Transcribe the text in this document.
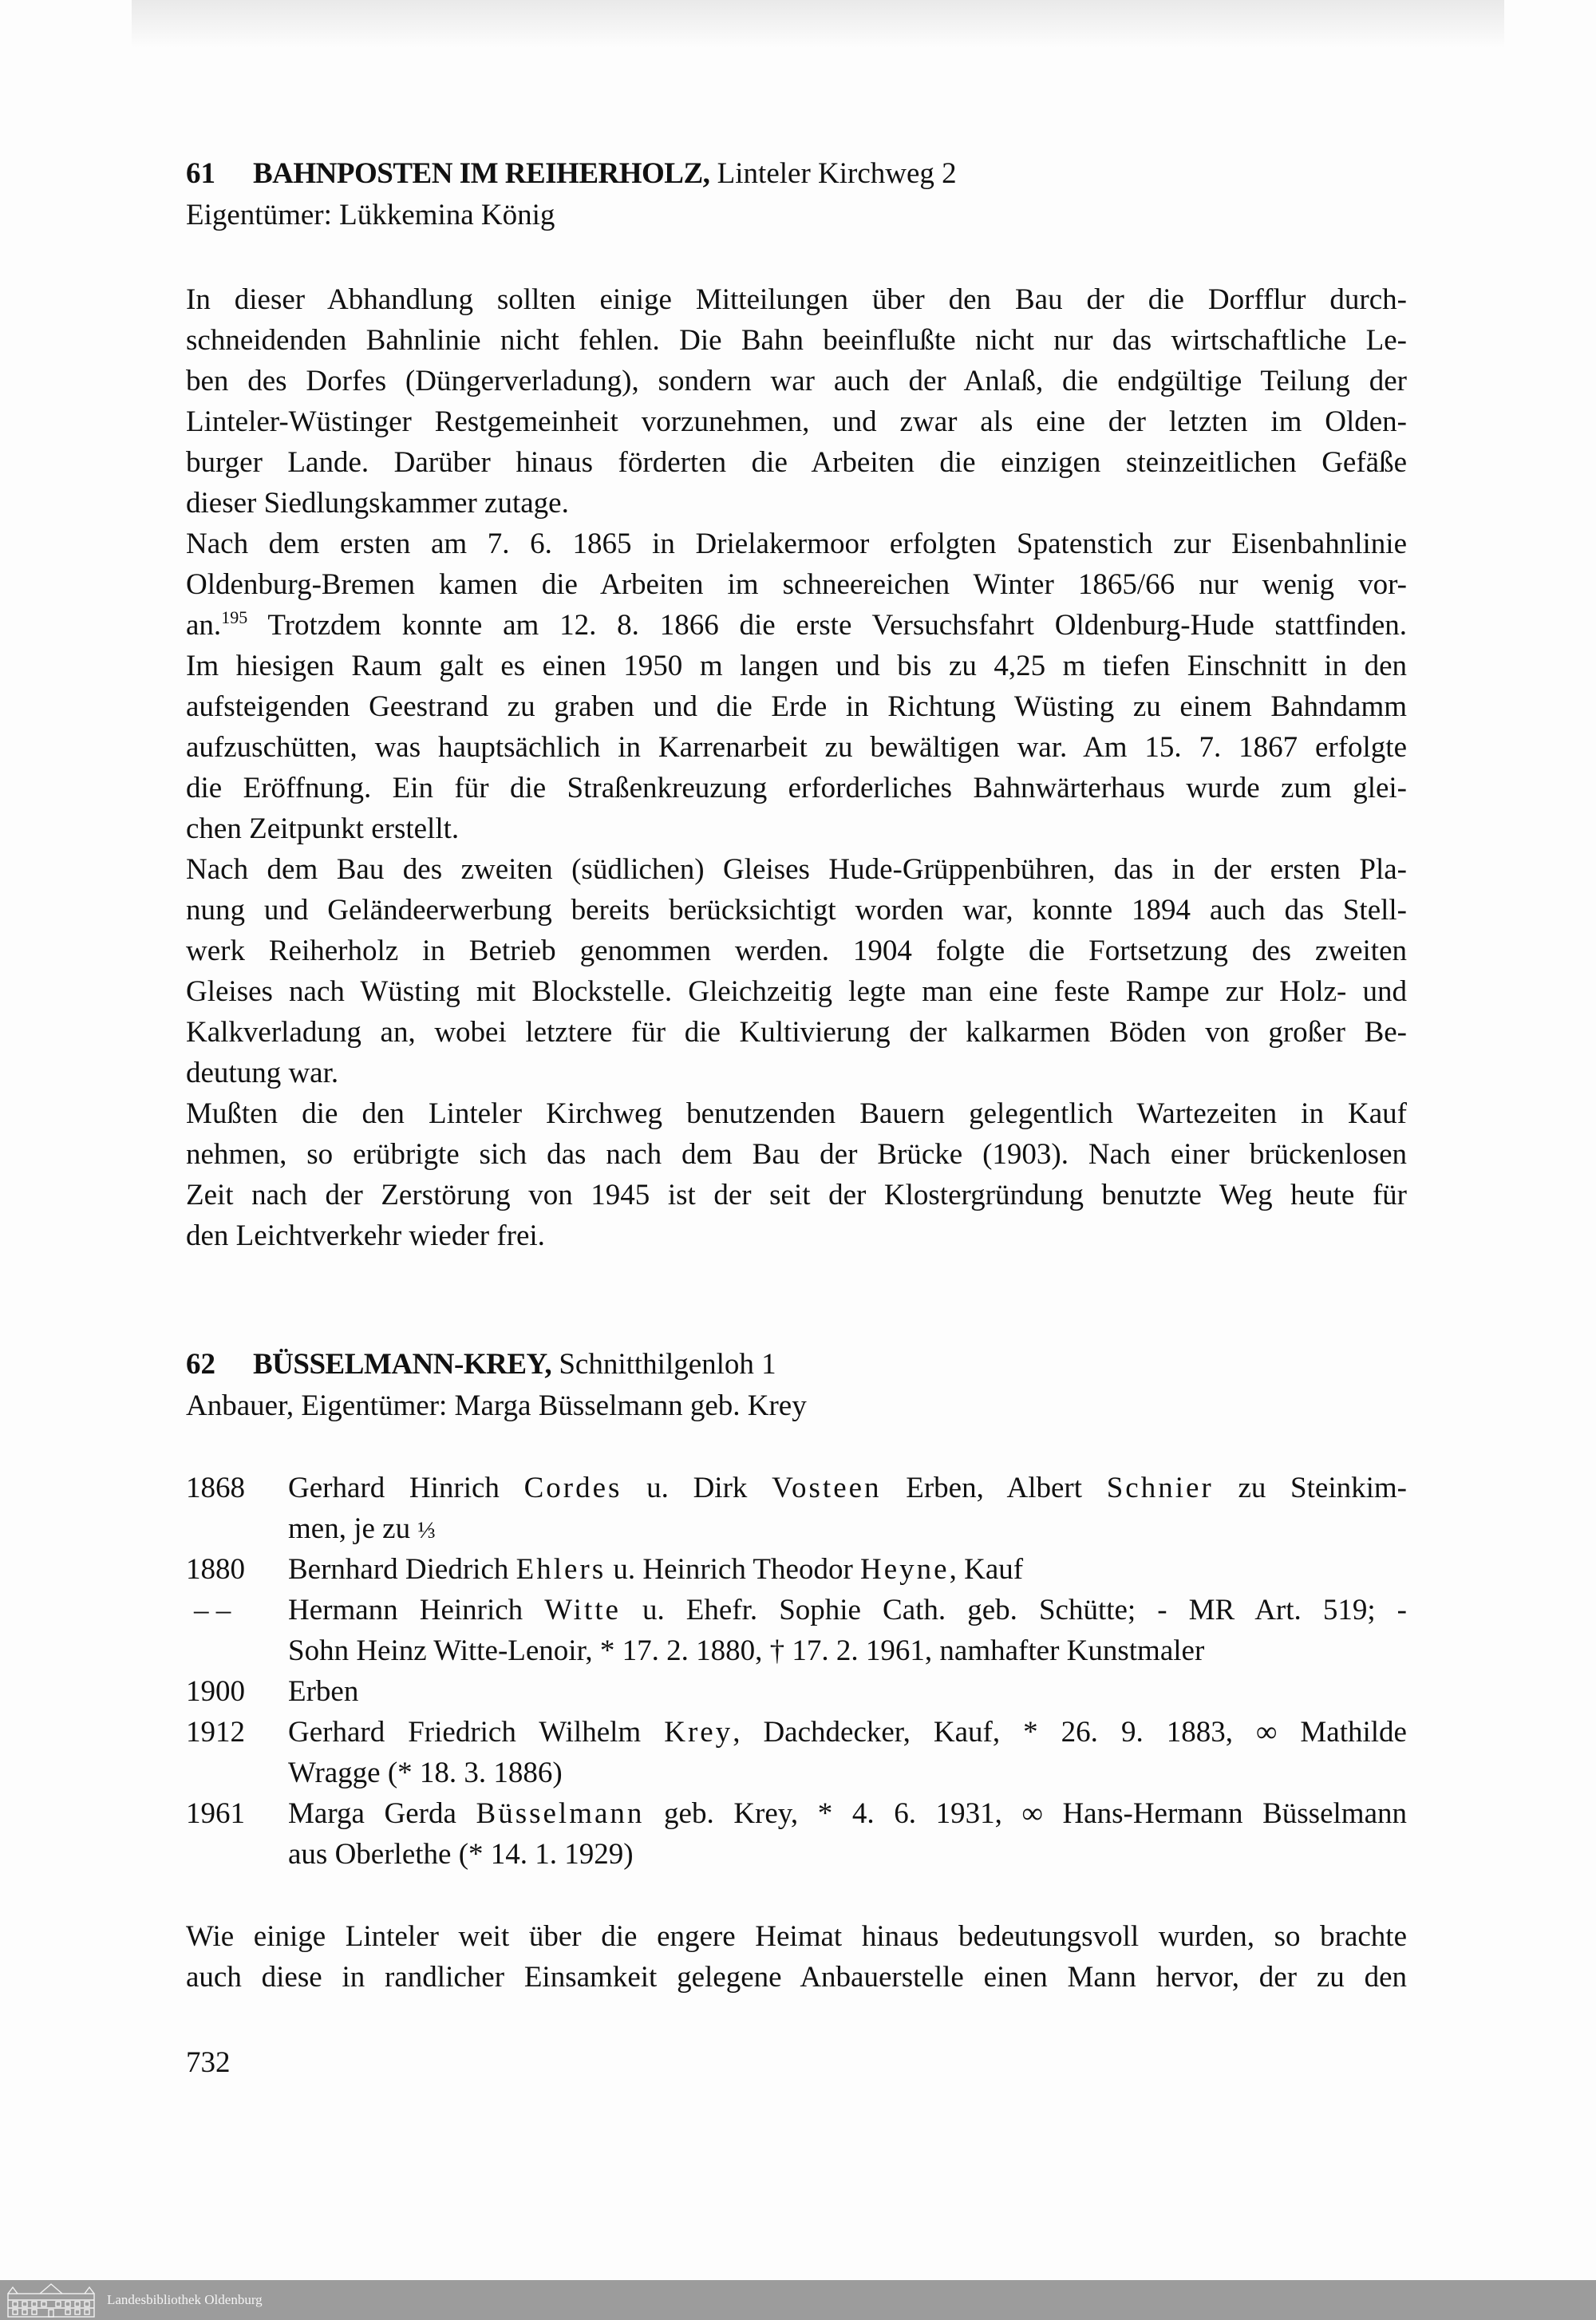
61 BAHNPOSTEN IM REIHERHOLZ, Linteler Kirchweg 2
Eigentümer: Lükkemina König
In dieser Abhandlung sollten einige Mitteilungen über den Bau der die Dorfflur durch-
schneidenden Bahnlinie nicht fehlen. Die Bahn beeinflußte nicht nur das wirtschaftliche Le-
ben des Dorfes (Düngerverladung), sondern war auch der Anlaß, die endgültige Teilung der
Linteler-Wüstinger Restgemeinheit vorzunehmen, und zwar als eine der letzten im Olden-
burger Lande. Darüber hinaus förderten die Arbeiten die einzigen steinzeitlichen Gefäße
dieser Siedlungskammer zutage.
Nach dem ersten am 7. 6. 1865 in Drielakermoor erfolgten Spatenstich zur Eisenbahnlinie
Oldenburg-Bremen kamen die Arbeiten im schneereichen Winter 1865/66 nur wenig vor-
an.$^{195}$ Trotzdem konnte am 12. 8. 1866 die erste Versuchsfahrt Oldenburg-Hude stattfinden.
Im hiesigen Raum galt es einen 1950 m langen und bis zu 4,25 m tiefen Einschnitt in den
aufsteigenden Geestrand zu graben und die Erde in Richtung Wüsting zu einem Bahndamm
aufzuschütten, was hauptsächlich in Karrenarbeit zu bewältigen war. Am 15. 7. 1867 erfolgte
die Eröffnung. Ein für die Straßenkreuzung erforderliches Bahnwärterhaus wurde zum glei-
chen Zeitpunkt erstellt.
Nach dem Bau des zweiten (südlichen) Gleises Hude-Grüppenbühren, das in der ersten Pla-
nung und Geländeerwerbung bereits berücksichtigt worden war, konnte 1894 auch das Stell-
werk Reiherholz in Betrieb genommen werden. 1904 folgte die Fortsetzung des zweiten
Gleises nach Wüsting mit Blockstelle. Gleichzeitig legte man eine feste Rampe zur Holz- und
Kalkverladung an, wobei letztere für die Kultivierung der kalkarmen Böden von großer Be-
deutung war.
Mußten die den Linteler Kirchweg benutzenden Bauern gelegentlich Wartezeiten in Kauf
nehmen, so erübrigte sich das nach dem Bau der Brücke (1903). Nach einer brückenlosen
Zeit nach der Zerstörung von 1945 ist der seit der Klostergründung benutzte Weg heute für
den Leichtverkehr wieder frei.
62 BÜSSELMANN-KREY, Schnitthilgenloh 1
Anbauer, Eigentümer: Marga Büsselmann geb. Krey
1868 Gerhard Hinrich Cordes u. Dirk Vosteen Erben, Albert Schnier zu Steinkim-
men, je zu ⅓
1880 Bernhard Diedrich Ehlers u. Heinrich Theodor Heyne, Kauf
– – Hermann Heinrich Witte u. Ehefr. Sophie Cath. geb. Schütte; - MR Art. 519; -
Sohn Heinz Witte-Lenoir, * 17. 2. 1880, † 17. 2. 1961, namhafter Kunstmaler
1900 Erben
1912 Gerhard Friedrich Wilhelm Krey, Dachdecker, Kauf, * 26. 9. 1883, ∞ Mathilde
Wragge (* 18. 3. 1886)
1961 Marga Gerda Büsselmann geb. Krey, * 4. 6. 1931, ∞ Hans-Hermann Büsselmann
aus Oberlethe (* 14. 1. 1929)
Wie einige Linteler weit über die engere Heimat hinaus bedeutungsvoll wurden, so brachte
auch diese in randlicher Einsamkeit gelegene Anbauerstelle einen Mann hervor, der zu den
732
Landesbibliothek Oldenburg
